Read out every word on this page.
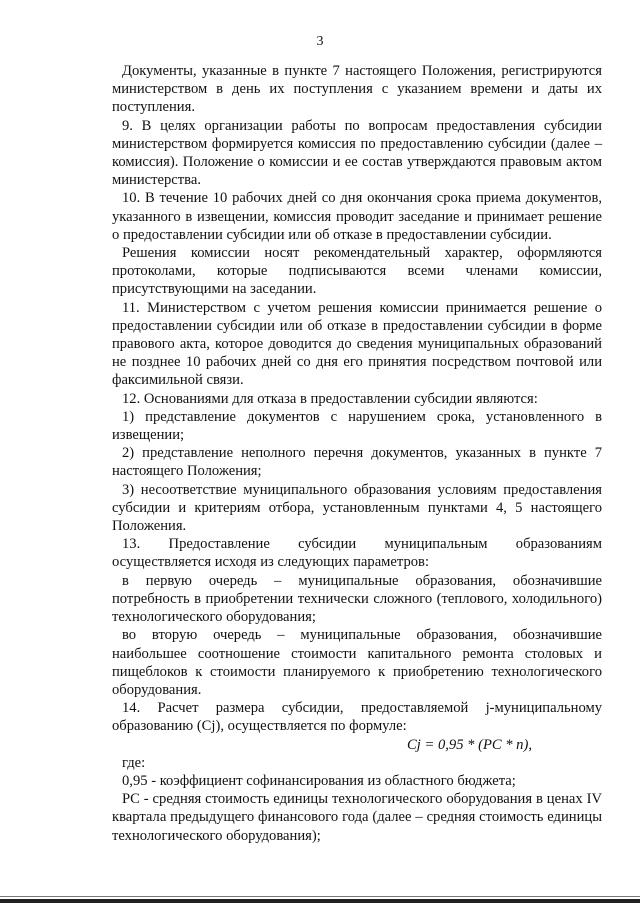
3

Документы, указанные в пункте 7 настоящего Положения, регистрируются министерством в день их поступления с указанием времени и даты их поступления.

9. В целях организации работы по вопросам предоставления субсидии министерством формируется комиссия по предоставлению субсидии (далее – комиссия). Положение о комиссии и ее состав утверждаются правовым актом министерства.

10. В течение 10 рабочих дней со дня окончания срока приема документов, указанного в извещении, комиссия проводит заседание и принимает решение о предоставлении субсидии или об отказе в предоставлении субсидии.

Решения комиссии носят рекомендательный характер, оформляются протоколами, которые подписываются всеми членами комиссии, присутствующими на заседании.

11. Министерством с учетом решения комиссии принимается решение о предоставлении субсидии или об отказе в предоставлении субсидии в форме правового акта, которое доводится до сведения муниципальных образований не позднее 10 рабочих дней со дня его принятия посредством почтовой или факсимильной связи.

12. Основаниями для отказа в предоставлении субсидии являются:

1) представление документов с нарушением срока, установленного в извещении;

2) представление неполного перечня документов, указанных в пункте 7 настоящего Положения;

3) несоответствие муниципального образования условиям предоставления субсидии и критериям отбора, установленным пунктами 4, 5 настоящего Положения.

13. Предоставление субсидии муниципальным образованиям осуществляется исходя из следующих параметров:

в первую очередь – муниципальные образования, обозначившие потребность в приобретении технически сложного (теплового, холодильного) технологического оборудования;

во вторую очередь – муниципальные образования, обозначившие наибольшее соотношение стоимости капитального ремонта столовых и пищеблоков к стоимости планируемого к приобретению технологического оборудования.

14. Расчет размера субсидии, предоставляемой j-муниципальному образованию (Cj), осуществляется по формуле:

Cj = 0,95 * (PC * n),

где:

0,95 - коэффициент софинансирования из областного бюджета;

PC - средняя стоимость единицы технологического оборудования в ценах IV квартала предыдущего финансового года (далее – средняя стоимость единицы технологического оборудования);
